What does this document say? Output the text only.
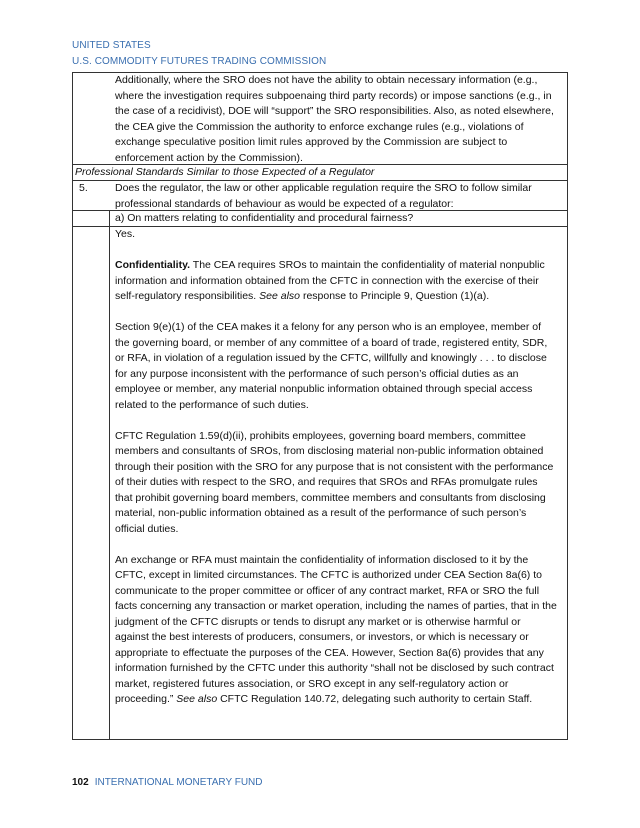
UNITED STATES
U.S. COMMODITY FUTURES TRADING COMMISSION
Additionally, where the SRO does not have the ability to obtain necessary information (e.g., where the investigation requires subpoenaing third party records) or impose sanctions (e.g., in the case of a recidivist), DOE will “support” the SRO responsibilities. Also, as noted elsewhere, the CEA give the Commission the authority to enforce exchange rules (e.g., violations of exchange speculative position limit rules approved by the Commission are subject to enforcement action by the Commission).
Professional Standards Similar to those Expected of a Regulator
5.	Does the regulator, the law or other applicable regulation require the SRO to follow similar professional standards of behaviour as would be expected of a regulator:
a) On matters relating to confidentiality and procedural fairness?

Yes.

Confidentiality. The CEA requires SROs to maintain the confidentiality of material nonpublic information and information obtained from the CFTC in connection with the exercise of their self-regulatory responsibilities. See also response to Principle 9, Question (1)(a).

Section 9(e)(1) of the CEA makes it a felony for any person who is an employee, member of the governing board, or member of any committee of a board of trade, registered entity, SDR, or RFA, in violation of a regulation issued by the CFTC, willfully and knowingly . . . to disclose for any purpose inconsistent with the performance of such person’s official duties as an employee or member, any material nonpublic information obtained through special access related to the performance of such duties.

CFTC Regulation 1.59(d)(ii), prohibits employees, governing board members, committee members and consultants of SROs, from disclosing material non-public information obtained through their position with the SRO for any purpose that is not consistent with the performance of their duties with respect to the SRO, and requires that SROs and RFAs promulgate rules that prohibit governing board members, committee members and consultants from disclosing material, non-public information obtained as a result of the performance of such person’s official duties.

An exchange or RFA must maintain the confidentiality of information disclosed to it by the CFTC, except in limited circumstances. The CFTC is authorized under CEA Section 8a(6) to communicate to the proper committee or officer of any contract market, RFA or SRO the full facts concerning any transaction or market operation, including the names of parties, that in the judgment of the CFTC disrupts or tends to disrupt any market or is otherwise harmful or against the best interests of producers, consumers, or investors, or which is necessary or appropriate to effectuate the purposes of the CEA. However, Section 8a(6) provides that any information furnished by the CFTC under this authority “shall not be disclosed by such contract market, registered futures association, or SRO except in any self-regulatory action or proceeding.” See also CFTC Regulation 140.72, delegating such authority to certain Staff.

102 INTERNATIONAL MONETARY FUND
